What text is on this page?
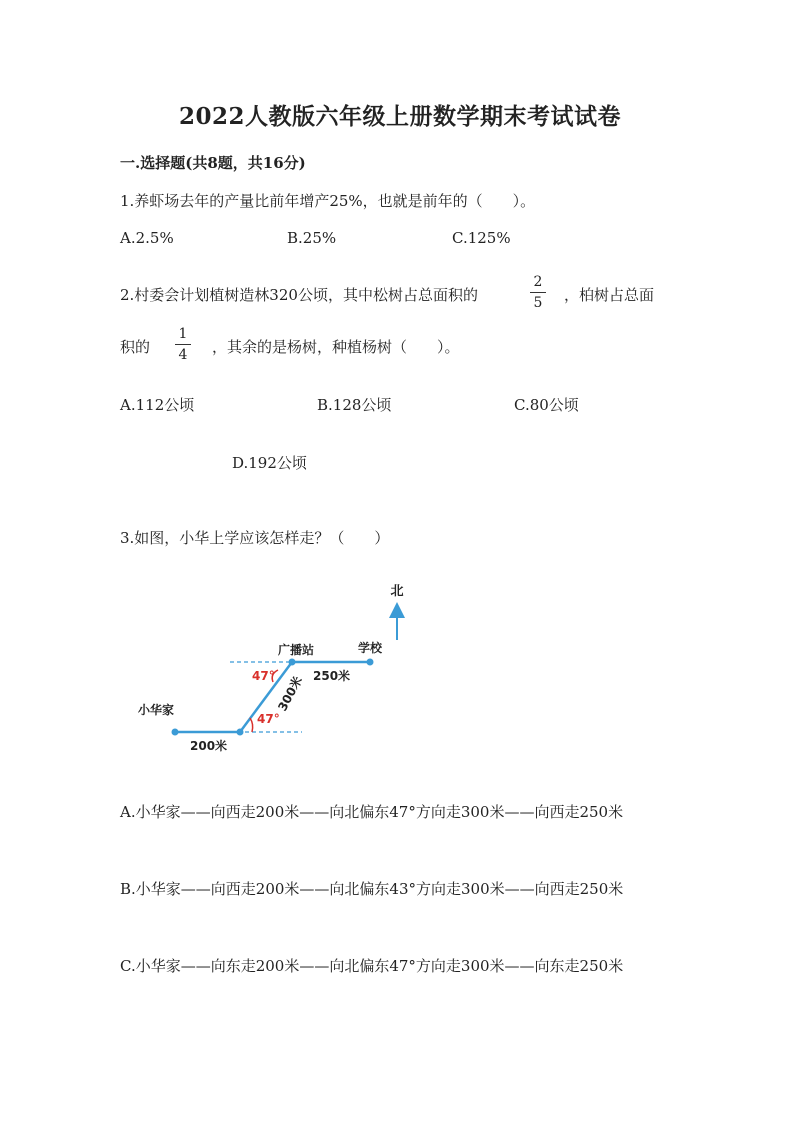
2022人教版六年级上册数学期末考试试卷
一.选择题(共8题，共16分)
1.养虾场去年的产量比前年增产25%，也就是前年的（　　）。
A.2.5%	B.25%	C.125%
2.村委会计划植树造林320公顷，其中松树占总面积的
2
5 ，柏树占总面
积的
1
4 ，其余的是杨树，种植杨树（　　）。
A.112公顷	B.128公顷	C.80公顷
D.192公顷
3.如图，小华上学应该怎样走？（　　）
北
广播站	学校
小华家
200米
250米
300米
47°
47°
A.小华家——向西走200米——向北偏东47°方向走300米——向西走250米
B.小华家——向西走200米——向北偏东43°方向走300米——向西走250米
C.小华家——向东走200米——向北偏东47°方向走300米——向东走250米
